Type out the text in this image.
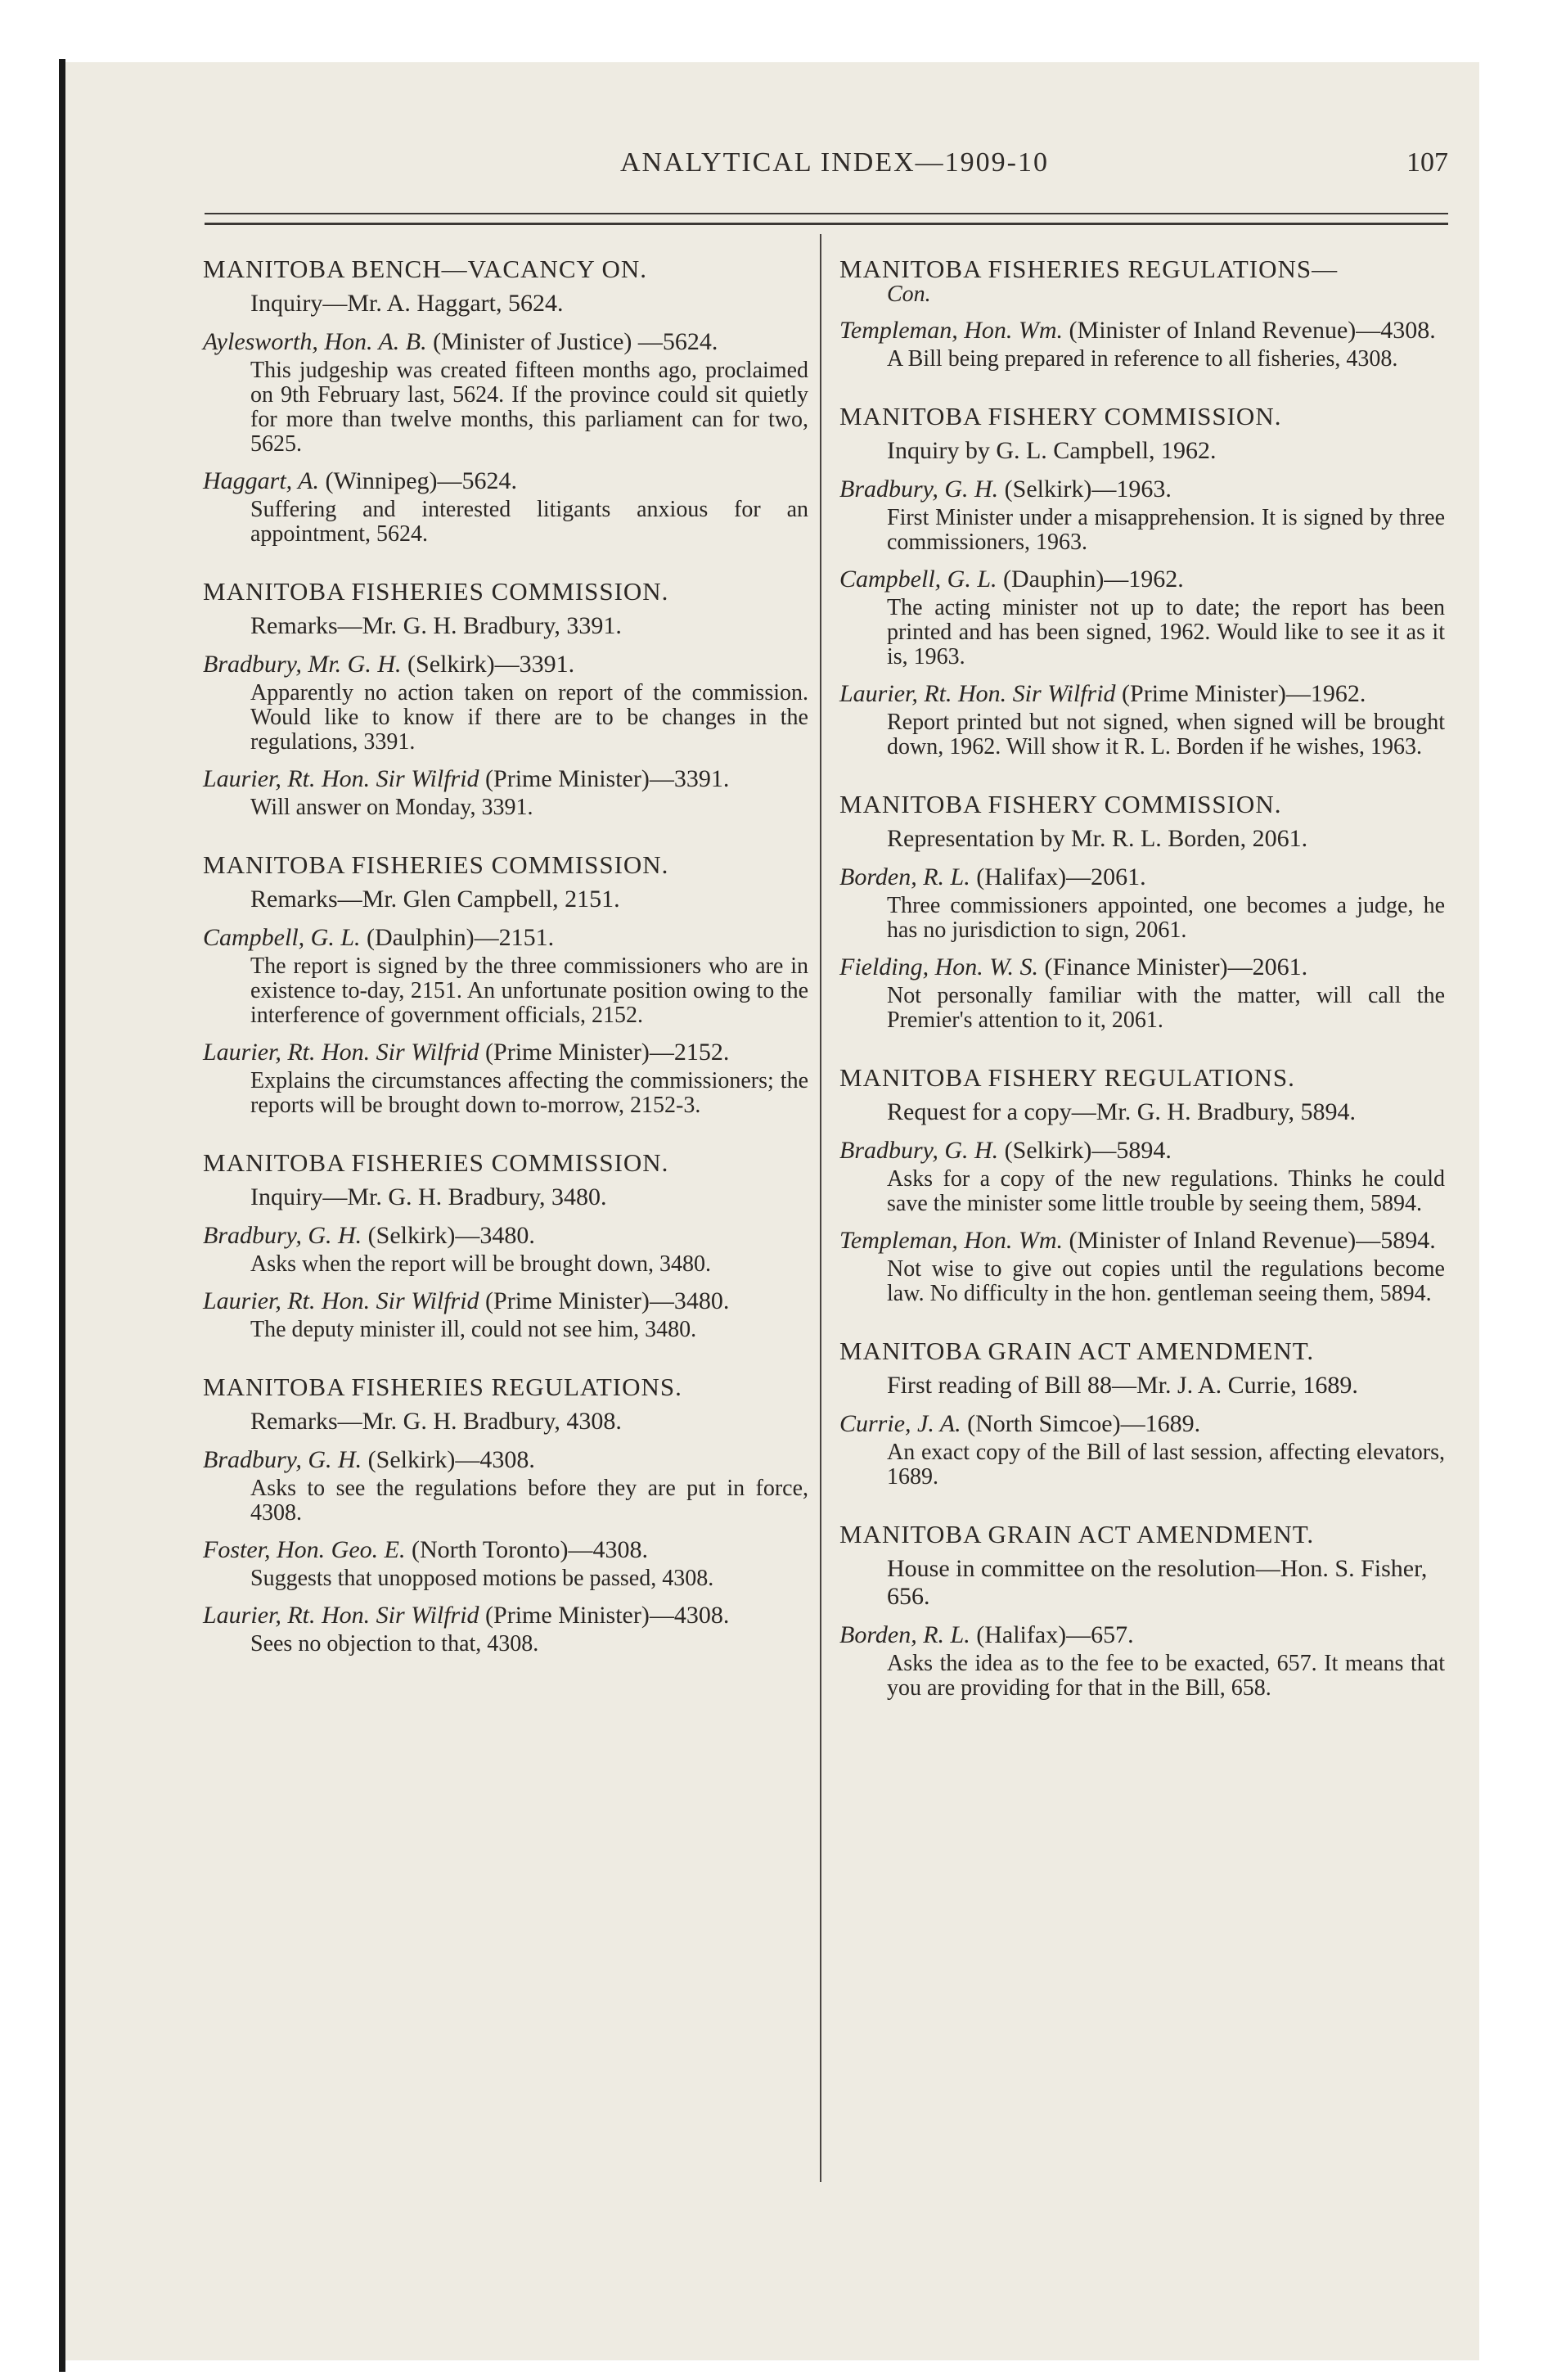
ANALYTICAL INDEX—1909-10	107
MANITOBA BENCH—VACANCY ON.
Inquiry—Mr. A. Haggart, 5624.
Aylesworth, Hon. A. B. (Minister of Justice) —5624.
This judgeship was created fifteen months ago, proclaimed on 9th February last, 5624. If the province could sit quietly for more than twelve months, this parliament can for two, 5625.
Haggart, A. (Winnipeg)—5624.
Suffering and interested litigants anxious for an appointment, 5624.
MANITOBA FISHERIES COMMISSION.
Remarks—Mr. G. H. Bradbury, 3391.
Bradbury, Mr. G. H. (Selkirk)—3391.
Apparently no action taken on report of the commission. Would like to know if there are to be changes in the regulations, 3391.
Laurier, Rt. Hon. Sir Wilfrid (Prime Minister)—3391.
Will answer on Monday, 3391.
MANITOBA FISHERIES COMMISSION.
Remarks—Mr. Glen Campbell, 2151.
Campbell, G. L. (Daulphin)—2151.
The report is signed by the three commissioners who are in existence to-day, 2151. An unfortunate position owing to the interference of government officials, 2152.
Laurier, Rt. Hon. Sir Wilfrid (Prime Minister)—2152.
Explains the circumstances affecting the commissioners; the reports will be brought down to-morrow, 2152-3.
MANITOBA FISHERIES COMMISSION.
Inquiry—Mr. G. H. Bradbury, 3480.
Bradbury, G. H. (Selkirk)—3480.
Asks when the report will be brought down, 3480.
Laurier, Rt. Hon. Sir Wilfrid (Prime Minister)—3480.
The deputy minister ill, could not see him, 3480.
MANITOBA FISHERIES REGULATIONS.
Remarks—Mr. G. H. Bradbury, 4308.
Bradbury, G. H. (Selkirk)—4308.
Asks to see the regulations before they are put in force, 4308.
Foster, Hon. Geo. E. (North Toronto)—4308.
Suggests that unopposed motions be passed, 4308.
Laurier, Rt. Hon. Sir Wilfrid (Prime Minister)—4308.
Sees no objection to that, 4308.
MANITOBA FISHERIES REGULATIONS—
Con.
Templeman, Hon. Wm. (Minister of Inland Revenue)—4308.
A Bill being prepared in reference to all fisheries, 4308.
MANITOBA FISHERY COMMISSION.
Inquiry by G. L. Campbell, 1962.
Bradbury, G. H. (Selkirk)—1963.
First Minister under a misapprehension. It is signed by three commissioners, 1963.
Campbell, G. L. (Dauphin)—1962.
The acting minister not up to date; the report has been printed and has been signed, 1962. Would like to see it as it is, 1963.
Laurier, Rt. Hon. Sir Wilfrid (Prime Minister)—1962.
Report printed but not signed, when signed will be brought down, 1962. Will show it R. L. Borden if he wishes, 1963.
MANITOBA FISHERY COMMISSION.
Representation by Mr. R. L. Borden, 2061.
Borden, R. L. (Halifax)—2061.
Three commissioners appointed, one becomes a judge, he has no jurisdiction to sign, 2061.
Fielding, Hon. W. S. (Finance Minister)—2061.
Not personally familiar with the matter, will call the Premier's attention to it, 2061.
MANITOBA FISHERY REGULATIONS.
Request for a copy—Mr. G. H. Bradbury, 5894.
Bradbury, G. H. (Selkirk)—5894.
Asks for a copy of the new regulations. Thinks he could save the minister some little trouble by seeing them, 5894.
Templeman, Hon. Wm. (Minister of Inland Revenue)—5894.
Not wise to give out copies until the regulations become law. No difficulty in the hon. gentleman seeing them, 5894.
MANITOBA GRAIN ACT AMENDMENT.
First reading of Bill 88—Mr. J. A. Currie, 1689.
Currie, J. A. (North Simcoe)—1689.
An exact copy of the Bill of last session, affecting elevators, 1689.
MANITOBA GRAIN ACT AMENDMENT.
House in committee on the resolution—Hon. S. Fisher, 656.
Borden, R. L. (Halifax)—657.
Asks the idea as to the fee to be exacted, 657. It means that you are providing for that in the Bill, 658.
